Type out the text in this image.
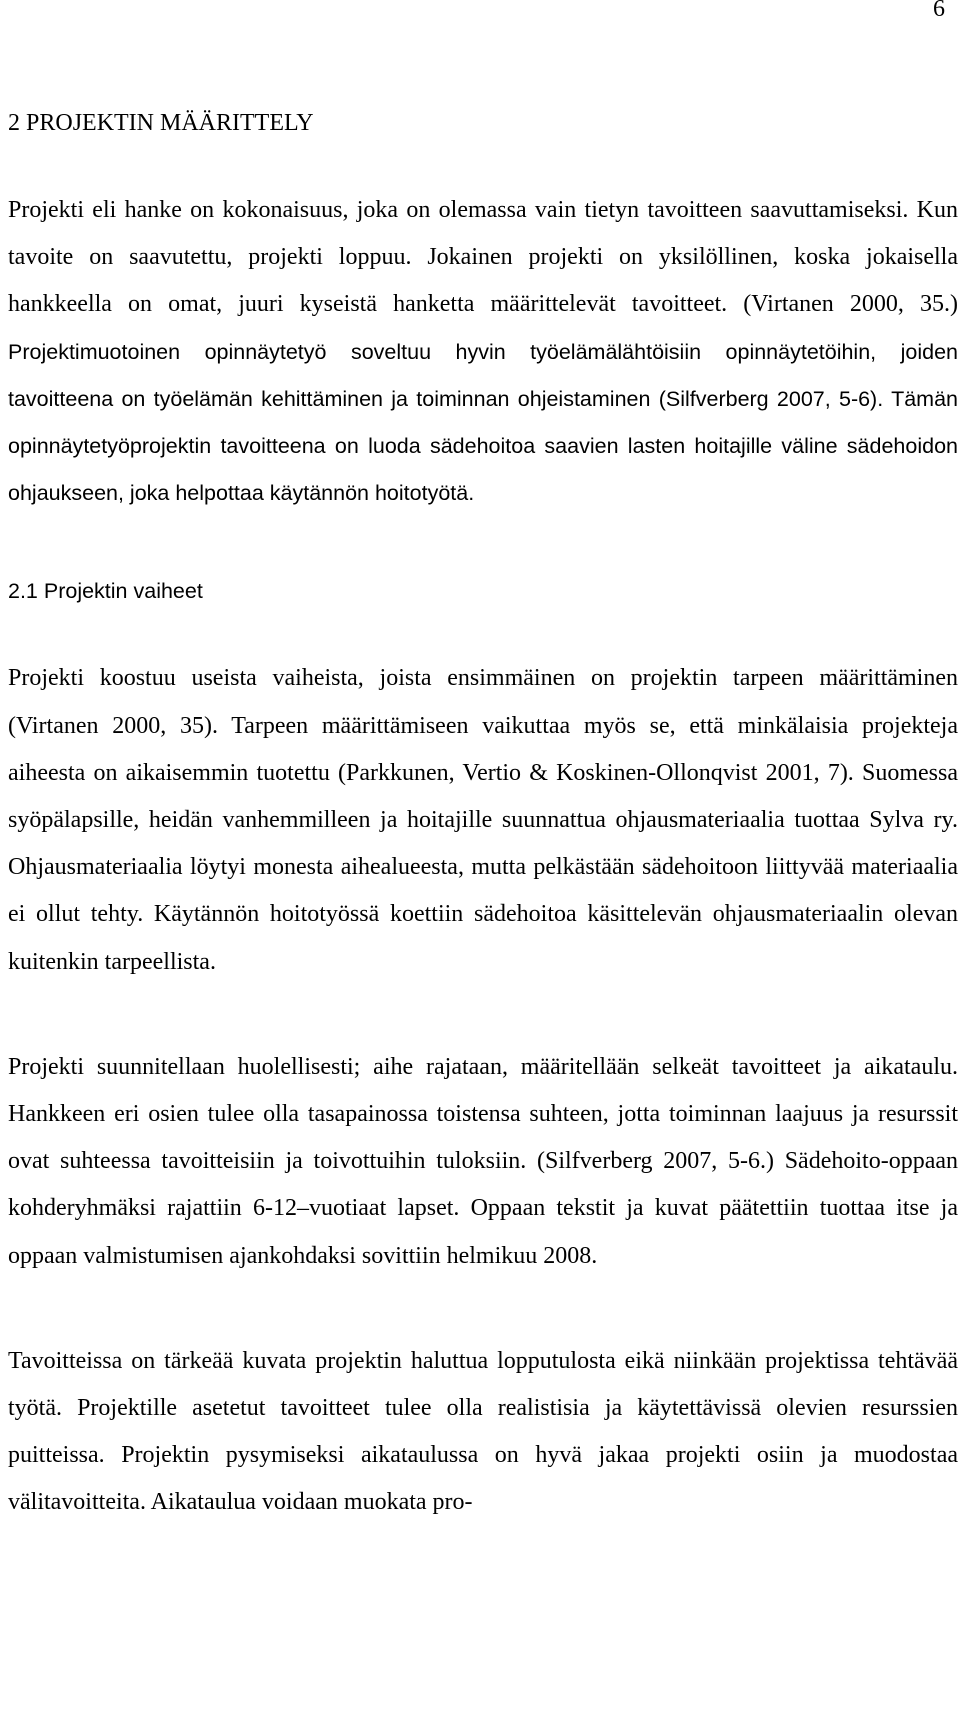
6
2 PROJEKTIN MÄÄRITTELY

Projekti eli hanke on kokonaisuus, joka on olemassa vain tietyn tavoitteen saavuttamiseksi. Kun tavoite on saavutettu, projekti loppuu. Jokainen projekti on yksilöllinen, koska jokaisella hankkeella on omat, juuri kyseistä hanketta määrittelevät tavoitteet. (Virtanen 2000, 35.) Projektimuotoinen opinnäytetyö soveltuu hyvin työelämälähtöisiin opinnäytetöihin, joiden tavoitteena on työelämän kehittäminen ja toiminnan ohjeistaminen (Silfverberg 2007, 5-6). Tämän opinnäytetyöprojektin tavoitteena on luoda sädehoitoa saavien lasten hoitajille väline sädehoidon ohjaukseen, joka helpottaa käytännön hoitotyötä.

2.1 Projektin vaiheet

Projekti koostuu useista vaiheista, joista ensimmäinen on projektin tarpeen määrittäminen (Virtanen 2000, 35). Tarpeen määrittämiseen vaikuttaa myös se, että minkälaisia projekteja aiheesta on aikaisemmin tuotettu (Parkkunen, Vertio & Koskinen-Ollonqvist 2001, 7). Suomessa syöpälapsille, heidän vanhemmilleen ja hoitajille suunnattua ohjausmateriaalia tuottaa Sylva ry. Ohjausmateriaalia löytyi monesta aihealueesta, mutta pelkästään sädehoitoon liittyvää materiaalia ei ollut tehty. Käytännön hoitotyössä koettiin sädehoitoa käsittelevän ohjausmateriaalin olevan kuitenkin tarpeellista.

Projekti suunnitellaan huolellisesti; aihe rajataan, määritellään selkeät tavoitteet ja aikataulu. Hankkeen eri osien tulee olla tasapainossa toistensa suhteen, jotta toiminnan laajuus ja resurssit ovat suhteessa tavoitteisiin ja toivottuihin tuloksiin. (Silfverberg 2007, 5-6.) Sädehoito-oppaan kohderyhmäksi rajattiin 6-12–vuotiaat lapset. Oppaan tekstit ja kuvat päätettiin tuottaa itse ja oppaan valmistumisen ajankohdaksi sovittiin helmikuu 2008.

Tavoitteissa on tärkeää kuvata projektin haluttua lopputulosta eikä niinkään projektissa tehtävää työtä. Projektille asetetut tavoitteet tulee olla realistisia ja käytettävissä olevien resurssien puitteissa. Projektin pysymiseksi aikataulussa on hyvä jakaa projekti osiin ja muodostaa välitavoitteita. Aikataulua voidaan muokata pro-
